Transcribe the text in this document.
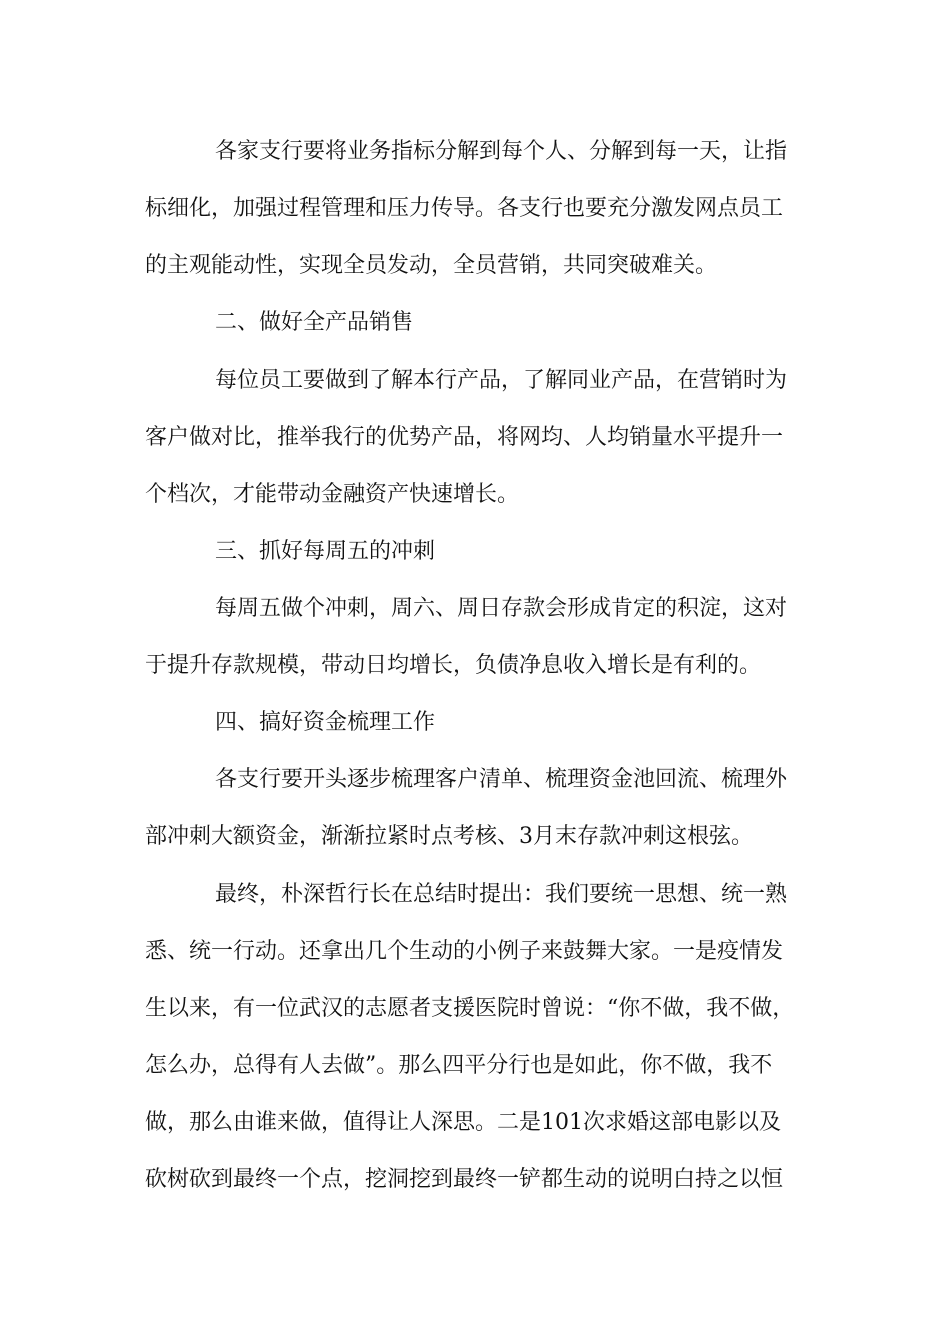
各家支行要将业务指标分解到每个人、分解到每一天，让指

标细化，加强过程管理和压力传导。各支行也要充分激发网点员工

的主观能动性，实现全员发动，全员营销，共同突破难关。

二、做好全产品销售

每位员工要做到了解本行产品，了解同业产品，在营销时为

客户做对比，推举我行的优势产品，将网均、人均销量水平提升一

个档次，才能带动金融资产快速增长。

三、抓好每周五的冲刺

每周五做个冲刺，周六、周日存款会形成肯定的积淀，这对

于提升存款规模，带动日均增长，负债净息收入增长是有利的。

四、搞好资金梳理工作

各支行要开头逐步梳理客户清单、梳理资金池回流、梳理外

部冲刺大额资金，渐渐拉紧时点考核、3月末存款冲刺这根弦。

最终，朴深哲行长在总结时提出：我们要统一思想、统一熟

悉、统一行动。还拿出几个生动的小例子来鼓舞大家。一是疫情发

生以来，有一位武汉的志愿者支援医院时曾说：“你不做，我不做，

怎么办，总得有人去做”。那么四平分行也是如此，你不做，我不

做，那么由谁来做，值得让人深思。二是101次求婚这部电影以及

砍树砍到最终一个点，挖洞挖到最终一铲都生动的说明白持之以恒
